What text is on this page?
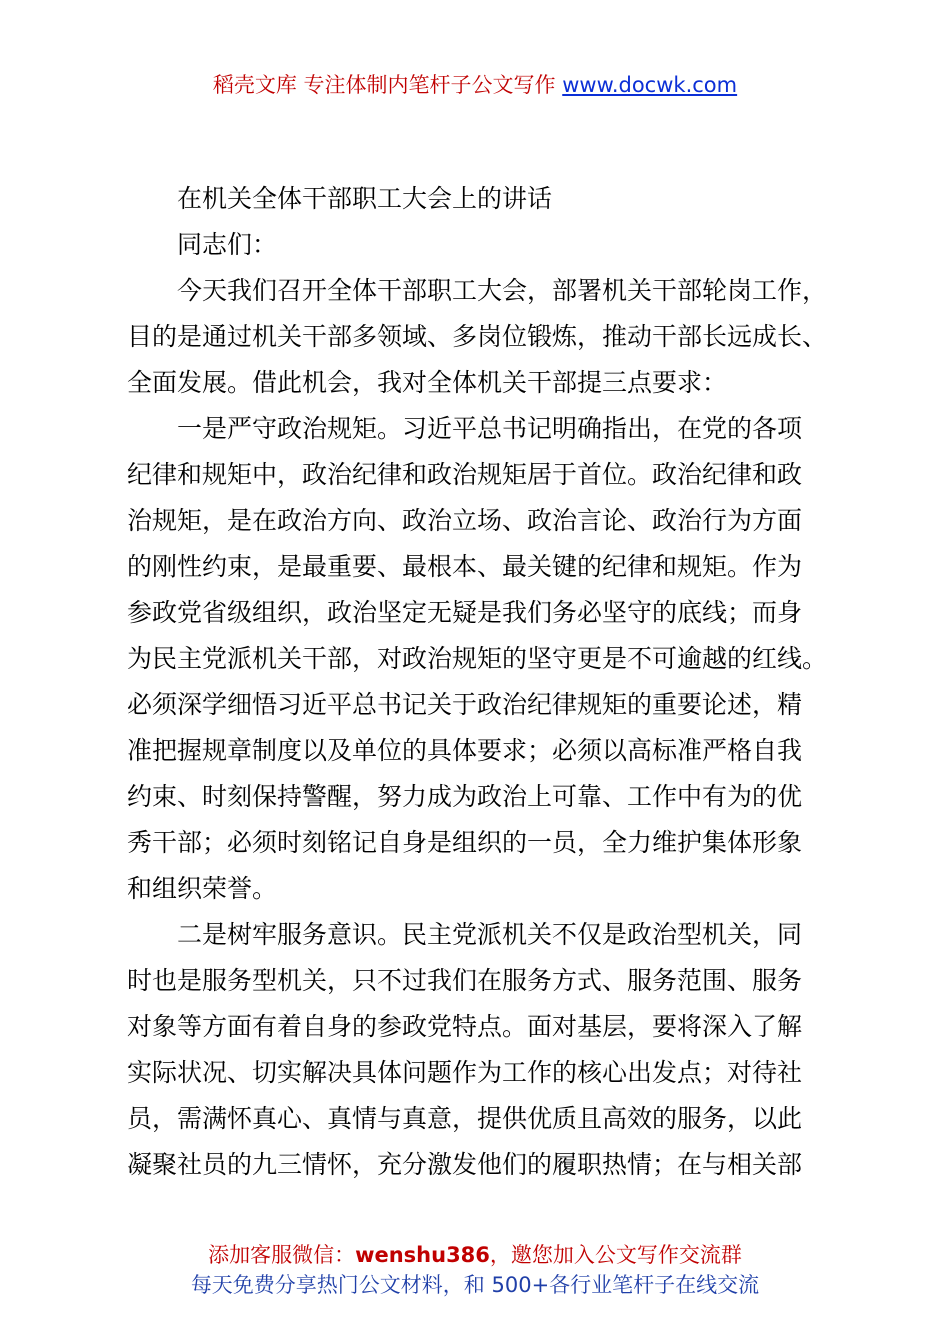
稻壳文库 专注体制内笔杆子公文写作 www.docwk.com
在机关全体干部职工大会上的讲话
同志们：
今天我们召开全体干部职工大会，部署机关干部轮岗工作，
目的是通过机关干部多领域、多岗位锻炼，推动干部长远成长、
全面发展。借此机会，我对全体机关干部提三点要求：
一是严守政治规矩。习近平总书记明确指出，在党的各项
纪律和规矩中，政治纪律和政治规矩居于首位。政治纪律和政
治规矩，是在政治方向、政治立场、政治言论、政治行为方面
的刚性约束，是最重要、最根本、最关键的纪律和规矩。作为
参政党省级组织，政治坚定无疑是我们务必坚守的底线；而身
为民主党派机关干部，对政治规矩的坚守更是不可逾越的红线。
必须深学细悟习近平总书记关于政治纪律规矩的重要论述，精
准把握规章制度以及单位的具体要求；必须以高标准严格自我
约束、时刻保持警醒，努力成为政治上可靠、工作中有为的优
秀干部；必须时刻铭记自身是组织的一员，全力维护集体形象
和组织荣誉。
二是树牢服务意识。民主党派机关不仅是政治型机关，同
时也是服务型机关，只不过我们在服务方式、服务范围、服务
对象等方面有着自身的参政党特点。面对基层，要将深入了解
实际状况、切实解决具体问题作为工作的核心出发点；对待社
员，需满怀真心、真情与真意，提供优质且高效的服务，以此
凝聚社员的九三情怀，充分激发他们的履职热情；在与相关部
添加客服微信：wenshu386，邀您加入公文写作交流群
每天免费分享热门公文材料，和 500+各行业笔杆子在线交流
